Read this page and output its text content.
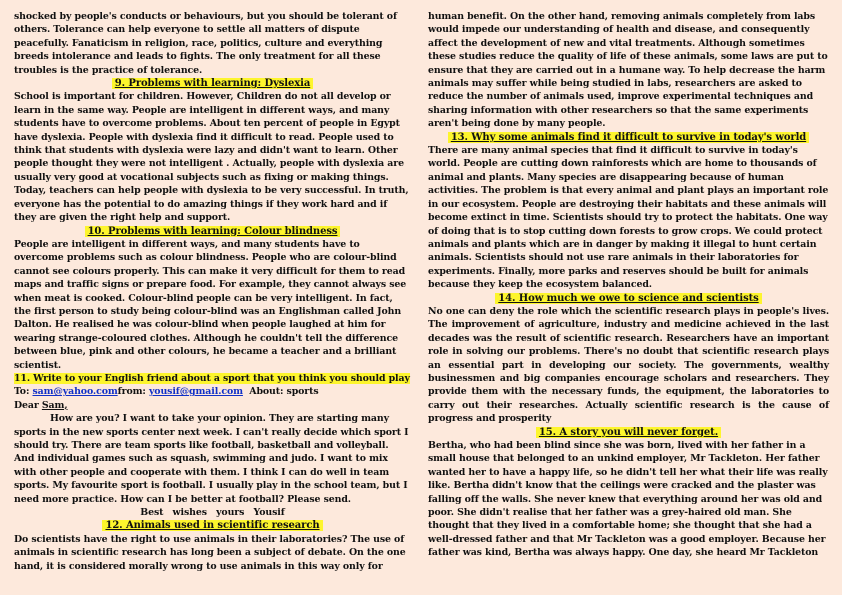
shocked by people's conducts or behaviours, but you should be tolerant of others. Tolerance can help everyone to settle all matters of dispute peacefully. Fanaticism in religion, race, politics, culture and everything breeds intolerance and leads to fights. The only treatment for all these troubles is the practice of tolerance.

9. Problems with learning: Dyslexia

School is important for children. However, Children do not all develop or learn in the same way. People are intelligent in different ways, and many students have to overcome problems. About ten percent of people in Egypt have dyslexia. People with dyslexia find it difficult to read. People used to think that students with dyslexia were lazy and didn't want to learn. Other people thought they were not intelligent . Actually, people with dyslexia are usually very good at vocational subjects such as fixing or making things. Today, teachers can help people with dyslexia to be very successful. In truth, everyone has the potential to do amazing things if they work hard and if they are given the right help and support.

10. Problems with learning: Colour blindness

People are intelligent in different ways, and many students have to overcome problems such as colour blindness. People who are colour-blind cannot see colours properly. This can make it very difficult for them to read maps and traffic signs or prepare food. For example, they cannot always see when meat is cooked. Colour-blind people can be very intelligent. In fact, the first person to study being colour-blind was an Englishman called John Dalton. He realised he was colour-blind when people laughed at him for wearing strange-coloured clothes. Although he couldn't tell the difference between blue, pink and other colours, he became a teacher and a brilliant scientist.

11. Write to your English friend about a sport that you think you should play

To: sam@yahoo.comfrom: yousif@gmail.com About: sports

Dear Sam,

How are you? I want to take your opinion. They are starting many sports in the new sports center next week. I can't really decide which sport I should try. There are team sports like football, basketball and volleyball. And individual games such as squash, swimming and judo. I want to mix with other people and cooperate with them. I think I can do well in team sports. My favourite sport is football. I usually play in the school team, but I need more practice. How can I be better at football? Please send.

Best wishes yours Yousif

12. Animals used in scientific research

Do scientists have the right to use animals in their laboratories? The use of animals in scientific research has long been a subject of debate. On the one hand, it is considered morally wrong to use animals in this way only for

human benefit. On the other hand, removing animals completely from labs would impede our understanding of health and disease, and consequently affect the development of new and vital treatments. Although sometimes these studies reduce the quality of life of these animals, some laws are put to ensure that they are carried out in a humane way. To help decrease the harm animals may suffer while being studied in labs, researchers are asked to reduce the number of animals used, improve experimental techniques and sharing information with other researchers so that the same experiments aren't being done by many people.

13. Why some animals find it difficult to survive in today's world

There are many animal species that find it difficult to survive in today's world. People are cutting down rainforests which are home to thousands of animal and plants. Many species are disappearing because of human activities. The problem is that every animal and plant plays an important role in our ecosystem. People are destroying their habitats and these animals will become extinct in time. Scientists should try to protect the habitats. One way of doing that is to stop cutting down forests to grow crops. We could protect animals and plants which are in danger by making it illegal to hunt certain animals. Scientists should not use rare animals in their laboratories for experiments. Finally, more parks and reserves should be built for animals because they keep the ecosystem balanced.

14. How much we owe to science and scientists

No one can deny the role which the scientific research plays in people's lives. The improvement of agriculture, industry and medicine achieved in the last decades was the result of scientific research. Researchers have an important role in solving our problems. There's no doubt that scientific research plays an essential part in developing our society. The governments, wealthy businessmen and big companies encourage scholars and researchers. They provide them with the necessary funds, the equipment, the laboratories to carry out their researches. Actually scientific research is the cause of progress and prosperity

15. A story you will never forget.

Bertha, who had been blind since she was born, lived with her father in a small house that belonged to an unkind employer, Mr Tackleton. Her father wanted her to have a happy life, so he didn't tell her what their life was really like. Bertha didn't know that the ceilings were cracked and the plaster was falling off the walls. She never knew that everything around her was old and poor. She didn't realise that her father was a grey-haired old man. She thought that they lived in a comfortable home; she thought that she had a well-dressed father and that Mr Tackleton was a good employer. Because her father was kind, Bertha was always happy. One day, she heard Mr Tackleton
